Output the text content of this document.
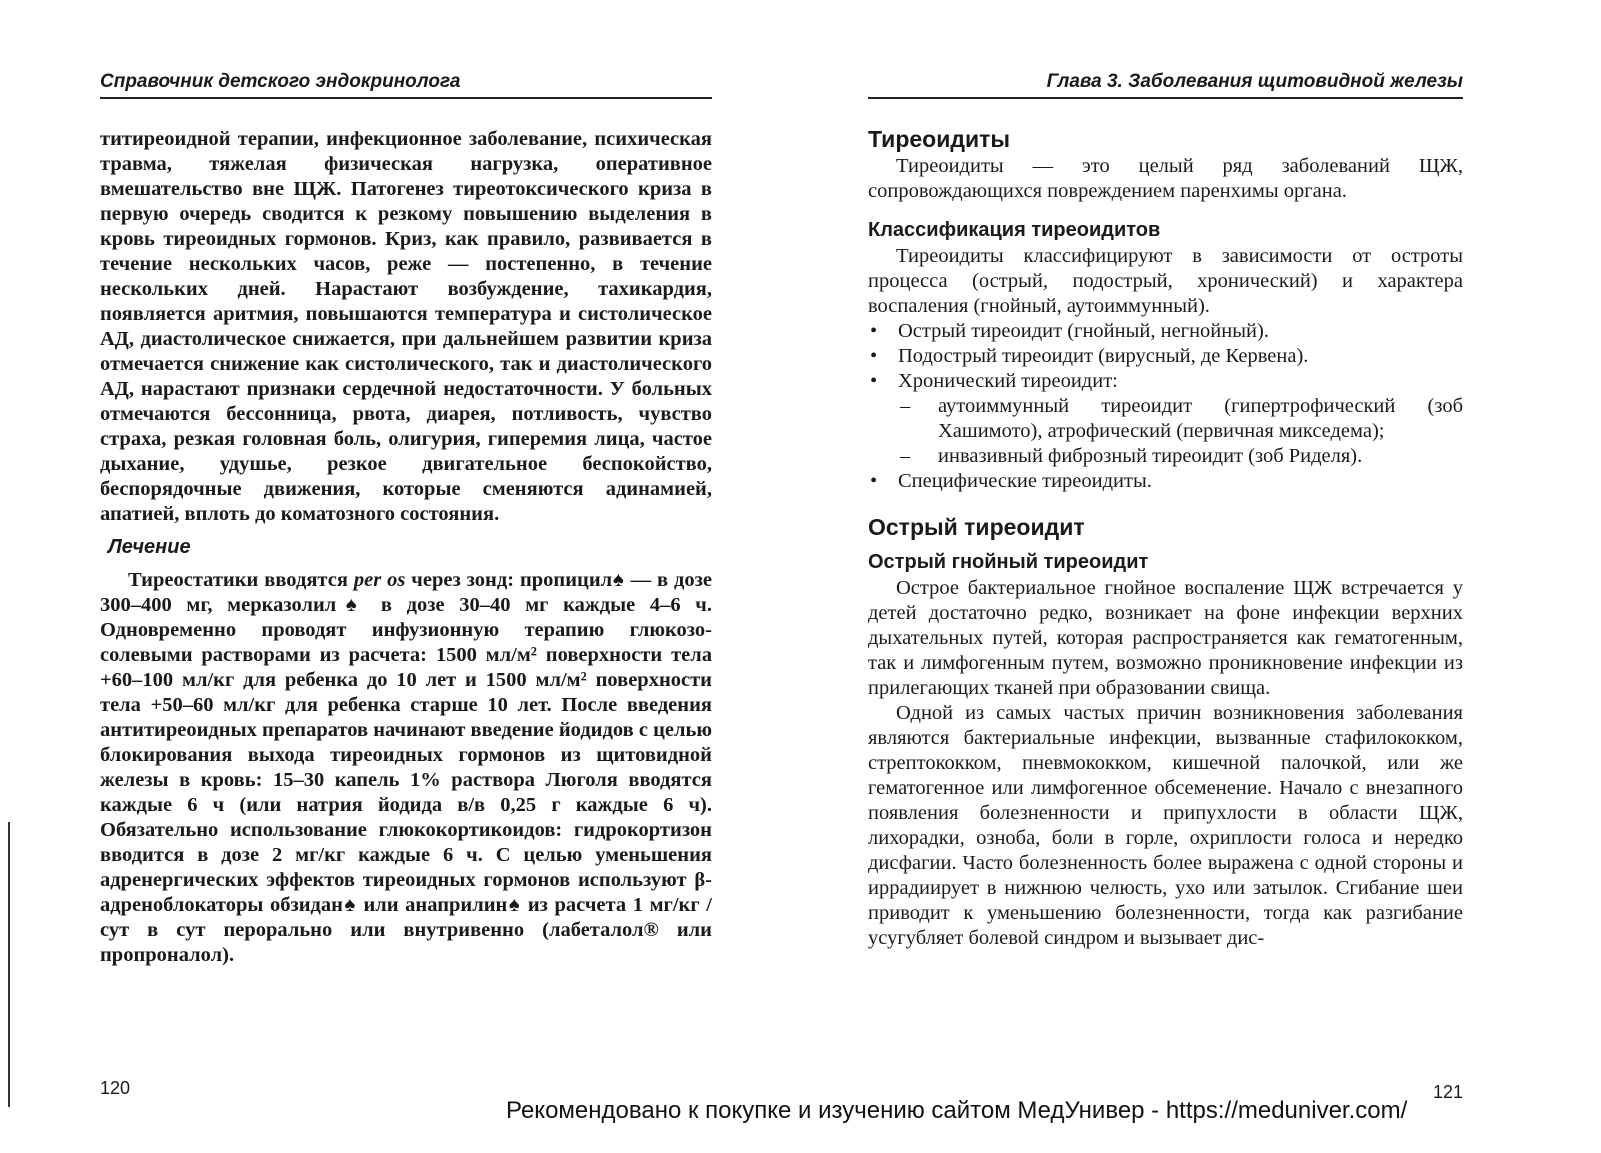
Справочник детского эндокринолога

титиреоидной терапии, инфекционное заболевание, психическая травма, тяжелая физическая нагрузка, оперативное вмешательство вне ЩЖ. Патогенез тиреотоксического криза в первую очередь сводится к резкому повышению выделения в кровь тиреоидных гормонов. Криз, как правило, развивается в течение нескольких часов, реже — постепенно, в течение нескольких дней. Нарастают возбуждение, тахикардия, появляется аритмия, повышаются температура и систолическое АД, диастолическое снижается, при дальнейшем развитии криза отмечается снижение как систолического, так и диастолического АД, нарастают признаки сердечной недостаточности. У больных отмечаются бессонница, рвота, диарея, потливость, чувство страха, резкая головная боль, олигурия, гиперемия лица, частое дыхание, удушье, резкое двигательное беспокойство, беспорядочные движения, которые сменяются адинамией, апатией, вплоть до коматозного состояния.

Лечение

Тиреостатики вводятся per os через зонд: пропицил♠ — в дозе 300–400 мг, мерказолил♠ в дозе 30–40 мг каждые 4–6 ч. Одновременно проводят инфузионную терапию глюкозо-солевыми растворами из расчета: 1500 мл/м² поверхности тела +60–100 мл/кг для ребенка до 10 лет и 1500 мл/м² поверхности тела +50–60 мл/кг для ребенка старше 10 лет. После введения антитиреоидных препаратов начинают введение йодидов с целью блокирования выхода тиреоидных гормонов из щитовидной железы в кровь: 15–30 капель 1% раствора Люголя вводятся каждые 6 ч (или натрия йодида в/в 0,25 г каждые 6 ч). Обязательно использование глюкокортикоидов: гидрокортизон вводится в дозе 2 мг/кг каждые 6 ч. С целью уменьшения адренергических эффектов тиреоидных гормонов используют β-адреноблокаторы обзидан♠ или анаприлин♠ из расчета 1 мг/кг /сут в сут перорально или внутривенно (лабеталол® или пропроналол).

120
Глава 3. Заболевания щитовидной железы
Тиреоидиты

Тиреоидиты — это целый ряд заболеваний ЩЖ, сопровождающихся повреждением паренхимы органа.

Классификация тиреоидитов

Тиреоидиты классифицируют в зависимости от остроты процесса (острый, подострый, хронический) и характера воспаления (гнойный, аутоиммунный).

• Острый тиреоидит (гнойный, негнойный).
• Подострый тиреоидит (вирусный, де Кервена).
• Хронический тиреоидит:
– аутоиммунный тиреоидит (гипертрофический (зоб Хашимото), атрофический (первичная микседема);
– инвазивный фиброзный тиреоидит (зоб Риделя).
• Специфические тиреоидиты.
Острый тиреоидит
Острый гнойный тиреоидит

Острое бактериальное гнойное воспаление ЩЖ встречается у детей достаточно редко, возникает на фоне инфекции верхних дыхательных путей, которая распространяется как гематогенным, так и лимфогенным путем, возможно проникновение инфекции из прилегающих тканей при образовании свища.

Одной из самых частых причин возникновения заболевания являются бактериальные инфекции, вызванные стафилококком, стрептококком, пневмококком, кишечной палочкой, или же гематогенное или лимфогенное обсеменение. Начало с внезапного появления болезненности и припухлости в области ЩЖ, лихорадки, озноба, боли в горле, охриплости голоса и нередко дисфагии. Часто болезненность более выражена с одной стороны и иррадиирует в нижнюю челюсть, ухо или затылок. Сгибание шеи приводит к уменьшению болезненности, тогда как разгибание усугубляет болевой синдром и вызывает дис-

121
Рекомендовано к покупке и изучению сайтом МедУнивер - https://meduniver.com/
